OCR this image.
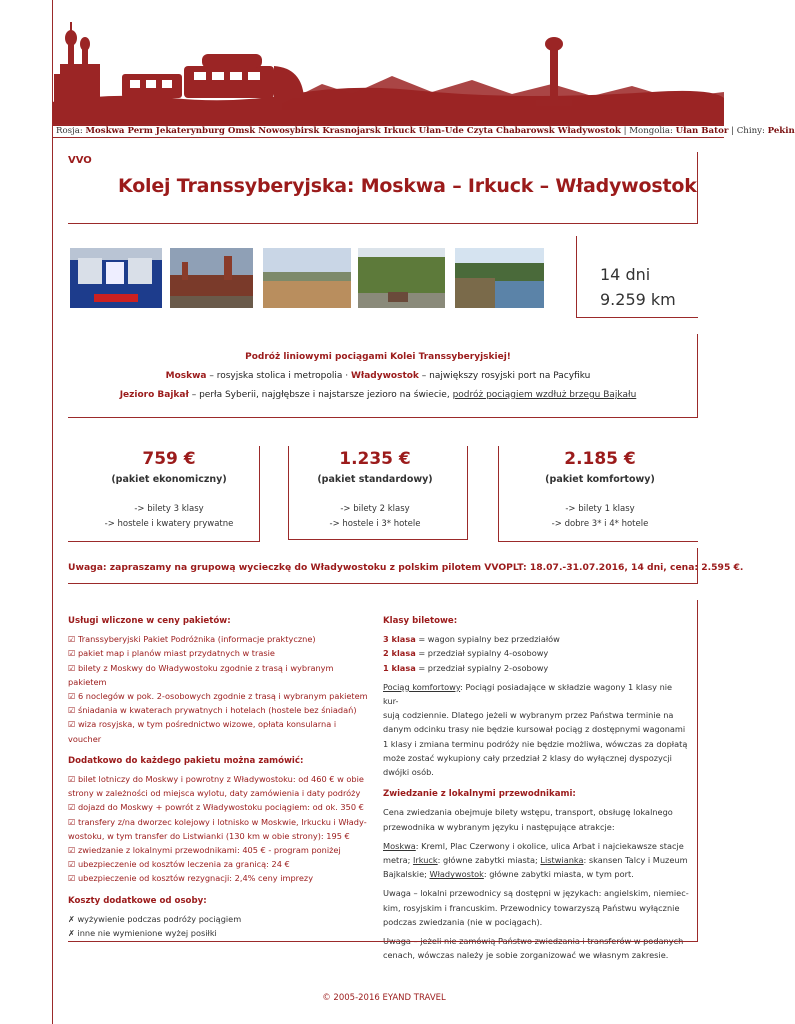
Rosja: Moskwa Perm Jekaterynburg Omsk Nowosybirsk Krasnojarsk Irkuck Ułan-Ude Czyta Chabarowsk Władywostok | Mongolia: Ułan Bator | Chiny: Pekin
VVO
Kolej Transsyberyjska: Moskwa – Irkuck – Władywostok
14 dni
9.259 km
Podróż liniowymi pociągami Kolei Transsyberyjskiej!
Moskwa – rosyjska stolica i metropolia · Władywostok – największy rosyjski port na Pacyfiku
Jezioro Bajkał – perła Syberii, najgłębsze i najstarsze jezioro na świecie, podróż pociągiem wzdłuż brzegu Bajkału
759 €
(pakiet ekonomiczny)
-> bilety 3 klasy
-> hostele i kwatery prywatne
1.235 €
(pakiet standardowy)
-> bilety 2 klasy
-> hostele i 3* hotele
2.185 €
(pakiet komfortowy)
-> bilety 1 klasy
-> dobre 3* i 4* hotele
Uwaga: zapraszamy na grupową wycieczkę do Władywostoku z polskim pilotem VVOPLT: 18.07.-31.07.2016, 14 dni, cena: 2.595 €.
Usługi wliczone w ceny pakietów:
☑ Transsyberyjski Pakiet Podróżnika (informacje praktyczne)
☑ pakiet map i planów miast przydatnych w trasie
☑ bilety z Moskwy do Władywostoku zgodnie z trasą i wybranym pakietem
☑ 6 noclegów w pok. 2-osobowych zgodnie z trasą i wybranym pakietem
☑ śniadania w kwaterach prywatnych i hotelach (hostele bez śniadań)
☑ wiza rosyjska, w tym pośrednictwo wizowe, opłata konsularna i voucher
Dodatkowo do każdego pakietu można zamówić:
☑ bilet lotniczy do Moskwy i powrotny z Władywostoku: od 460 € w obie
strony w zależności od miejsca wylotu, daty zamówienia i daty podróży
☑ dojazd do Moskwy + powrót z Władywostoku pociągiem: od ok. 350 €
☑ transfery z/na dworzec kolejowy i lotnisko w Moskwie, Irkucku i Włady-
wostoku, w tym transfer do Listwianki (130 km w obie strony): 195 €
☑ zwiedzanie z lokalnymi przewodnikami: 405 € - program poniżej
☑ ubezpieczenie od kosztów leczenia za granicą: 24 €
☑ ubezpieczenie od kosztów rezygnacji: 2,4% ceny imprezy
Koszty dodatkowe od osoby:
✗ wyżywienie podczas podróży pociągiem
✗ inne nie wymienione wyżej posiłki
Klasy biletowe:
3 klasa = wagon sypialny bez przedziałów
2 klasa = przedział sypialny 4-osobowy
1 klasa = przedział sypialny 2-osobowy
Pociąg komfortowy: Pociągi posiadające w składzie wagony 1 klasy nie kur-
sują codziennie. Dlatego jeżeli w wybranym przez Państwa terminie na
danym odcinku trasy nie będzie kursował pociąg z dostępnymi wagonami
1 klasy i zmiana terminu podróży nie będzie możliwa, wówczas za dopłatą
może zostać wykupiony cały przedział 2 klasy do wyłącznej dyspozycji
dwójki osób.
Zwiedzanie z lokalnymi przewodnikami:

Cena zwiedzania obejmuje bilety wstępu, transport, obsługę lokalnego
przewodnika w wybranym języku i następujące atrakcje:

Moskwa: Kreml, Plac Czerwony i okolice, ulica Arbat i najciekawsze stacje
metra; Irkuck: główne zabytki miasta; Listwianka: skansen Talcy i Muzeum
Bajkalskie; Władywostok: główne zabytki miasta, w tym port.

Uwaga – lokalni przewodnicy są dostępni w językach: angielskim, niemiec-
kim, rosyjskim i francuskim. Przewodnicy towarzyszą Państwu wyłącznie
podczas zwiedzania (nie w pociągach).

Uwaga – jeżeli nie zamówią Państwo zwiedzania i transferów w podanych
cenach, wówczas należy je sobie zorganizować we własnym zakresie.

© 2005-2016 EYAND TRAVEL
